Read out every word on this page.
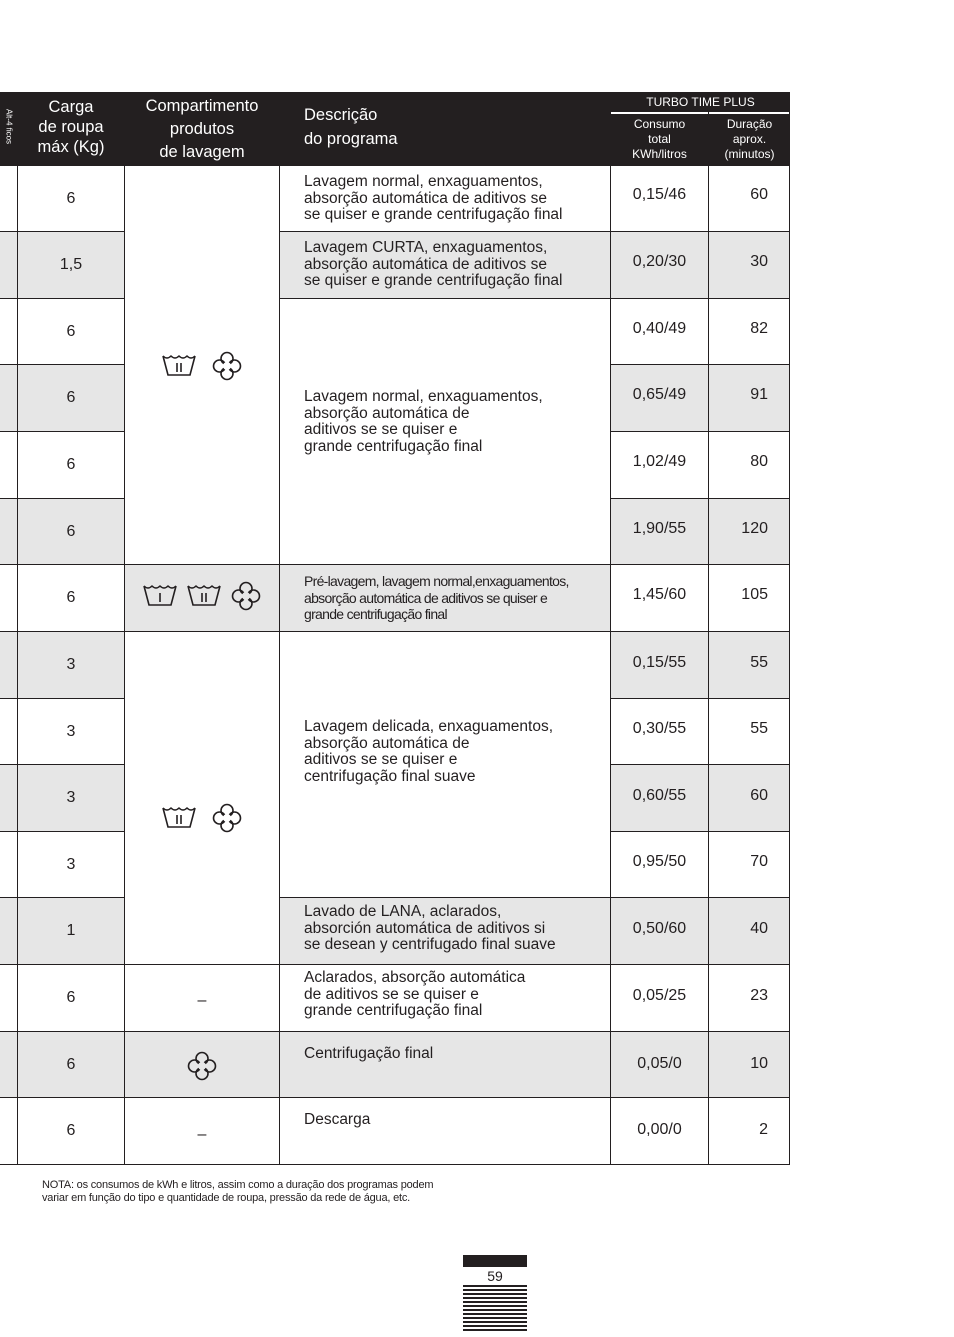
Alt-4 ficos
Carga
de roupa
máx (Kg)
Compartimento
produtos
de lavagem
Descrição
do programa
TURBO TIME PLUS
Consumo
total
KWh/litros
Duração
aprox.
(minutos)
6
1,5
6
6
6
6
6
3
3
3
3
1
6
6
6
0,15/46
0,20/30
0,40/49
0,65/49
1,02/49
1,90/55
1,45/60
0,15/55
0,30/55
0,60/55
0,95/50
0,50/60
0,05/25
0,05/0
0,00/0
60
30
82
91
80
120
105
55
55
60
70
40
23
10
2
Lavagem normal, enxaguamentos,
absorção automática de aditivos se
se quiser e grande centrifugação final
Lavagem CURTA, enxaguamentos,
absorção automática de aditivos se
se quiser e grande centrifugação final
Lavagem normal, enxaguamentos,
absorção automática de
aditivos se se quiser e
grande centrifugação final
Pré-lavagem, lavagem normal,enxaguamentos,
absorção automática de aditivos se quiser e
grande centrifugação final
Lavagem delicada, enxaguamentos,
absorção automática de
aditivos se se quiser e
centrifugação final suave
Lavado de LANA, aclarados,
absorción automática de aditivos si
se desean y centrifugado final suave
Aclarados, absorção automática
de aditivos se se quiser e
grande centrifugação final
Centrifugação final
Descarga
–
–
NOTA: os consumos de kWh e litros, assim como a duração dos programas podem
variar em função do tipo e quantidade de roupa, pressão da rede de água, etc.
59
